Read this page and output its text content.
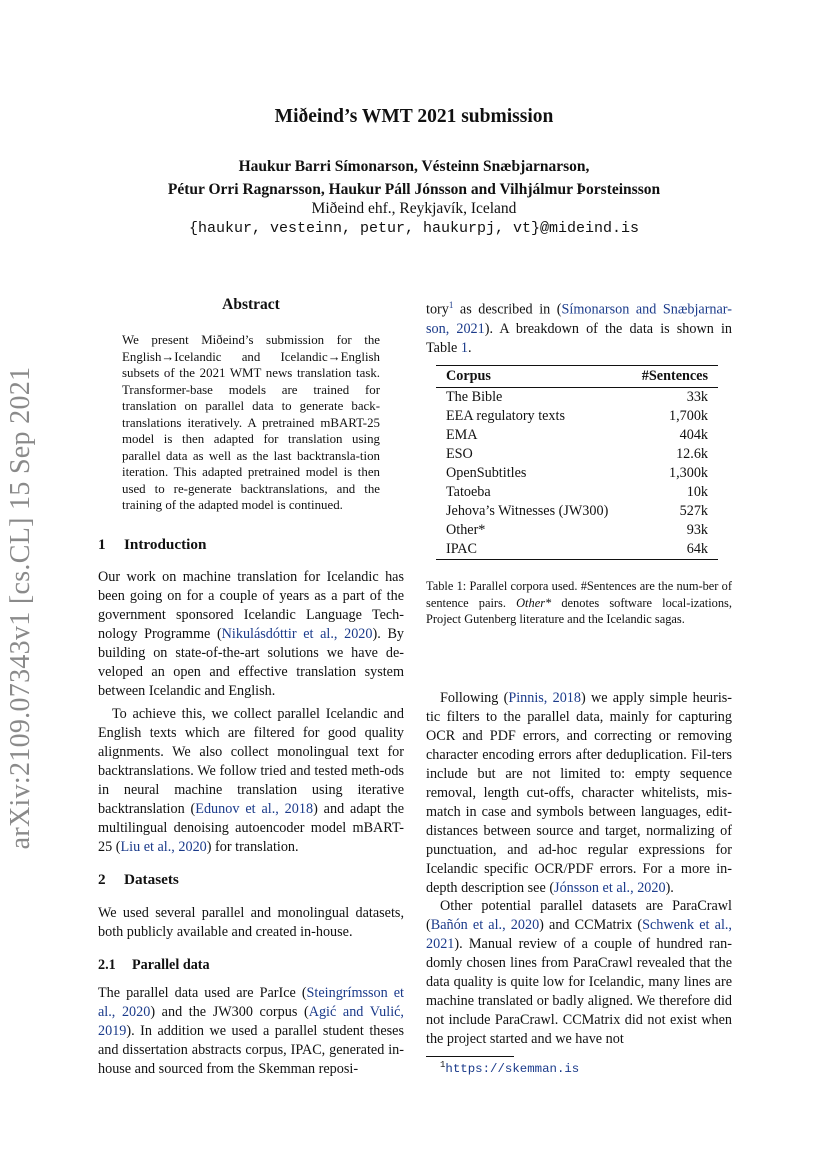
arXiv:2109.07343v1 [cs.CL] 15 Sep 2021
Miðeind’s WMT 2021 submission
Haukur Barri Símonarson, Vésteinn Snæbjarnarson,
Pétur Orri Ragnarsson, Haukur Páll Jónsson and Vilhjálmur Þorsteinsson
Miðeind ehf., Reykjavík, Iceland
{haukur, vesteinn, petur, haukurpj, vt}@mideind.is
Abstract
We present Miðeind’s submission for the English→Icelandic and Icelandic→English subsets of the 2021 WMT news translation task. Transformer-base models are trained for translation on parallel data to generate back-translations iteratively. A pretrained mBART-25 model is then adapted for translation using parallel data as well as the last backtransla-tion iteration. This adapted pretrained model is then used to re-generate backtranslations, and the training of the adapted model is continued.
1 Introduction
Our work on machine translation for Icelandic has been going on for a couple of years as a part of the government sponsored Icelandic Language Tech-nology Programme (Nikulásdóttir et al., 2020). By building on state-of-the-art solutions we have de-veloped an open and effective translation system between Icelandic and English.
To achieve this, we collect parallel Icelandic and English texts which are filtered for good quality alignments. We also collect monolingual text for backtranslations. We follow tried and tested meth-ods in neural machine translation using iterative backtranslation (Edunov et al., 2018) and adapt the multilingual denoising autoencoder model mBART-25 (Liu et al., 2020) for translation.
2 Datasets
We used several parallel and monolingual datasets, both publicly available and created in-house.
2.1 Parallel data
The parallel data used are ParIce (Steingrímsson et al., 2020) and the JW300 corpus (Agić and Vulić, 2019). In addition we used a parallel student theses and dissertation abstracts corpus, IPAC, generated in-house and sourced from the Skemman reposi-
tory$^1$ as described in (Símonarson and Snæbjarnar-son, 2021). A breakdown of the data is shown in Table 1.
Corpus	#Sentences
The Bible	33k
EEA regulatory texts	1,700k
EMA	404k
ESO	12.6k
OpenSubtitles	1,300k
Tatoeba	10k
Jehova’s Witnesses (JW300)	527k
Other*	93k
IPAC	64k
Table 1: Parallel corpora used. #Sentences are the num-ber of sentence pairs. Other* denotes software local-izations, Project Gutenberg literature and the Icelandic sagas.
Following (Pinnis, 2018) we apply simple heuris-tic filters to the parallel data, mainly for capturing OCR and PDF errors, and correcting or removing character encoding errors after deduplication. Fil-ters include but are not limited to: empty sequence removal, length cut-offs, character whitelists, mis-match in case and symbols between languages, edit-distances between source and target, normalizing of punctuation, and ad-hoc regular expressions for Icelandic specific OCR/PDF errors. For a more in-depth description see (Jónsson et al., 2020).
Other potential parallel datasets are ParaCrawl (Bañón et al., 2020) and CCMatrix (Schwenk et al., 2021). Manual review of a couple of hundred ran-domly chosen lines from ParaCrawl revealed that the data quality is quite low for Icelandic, many lines are machine translated or badly aligned. We therefore did not include ParaCrawl. CCMatrix did not exist when the project started and we have not
$^1$https://skemman.is
